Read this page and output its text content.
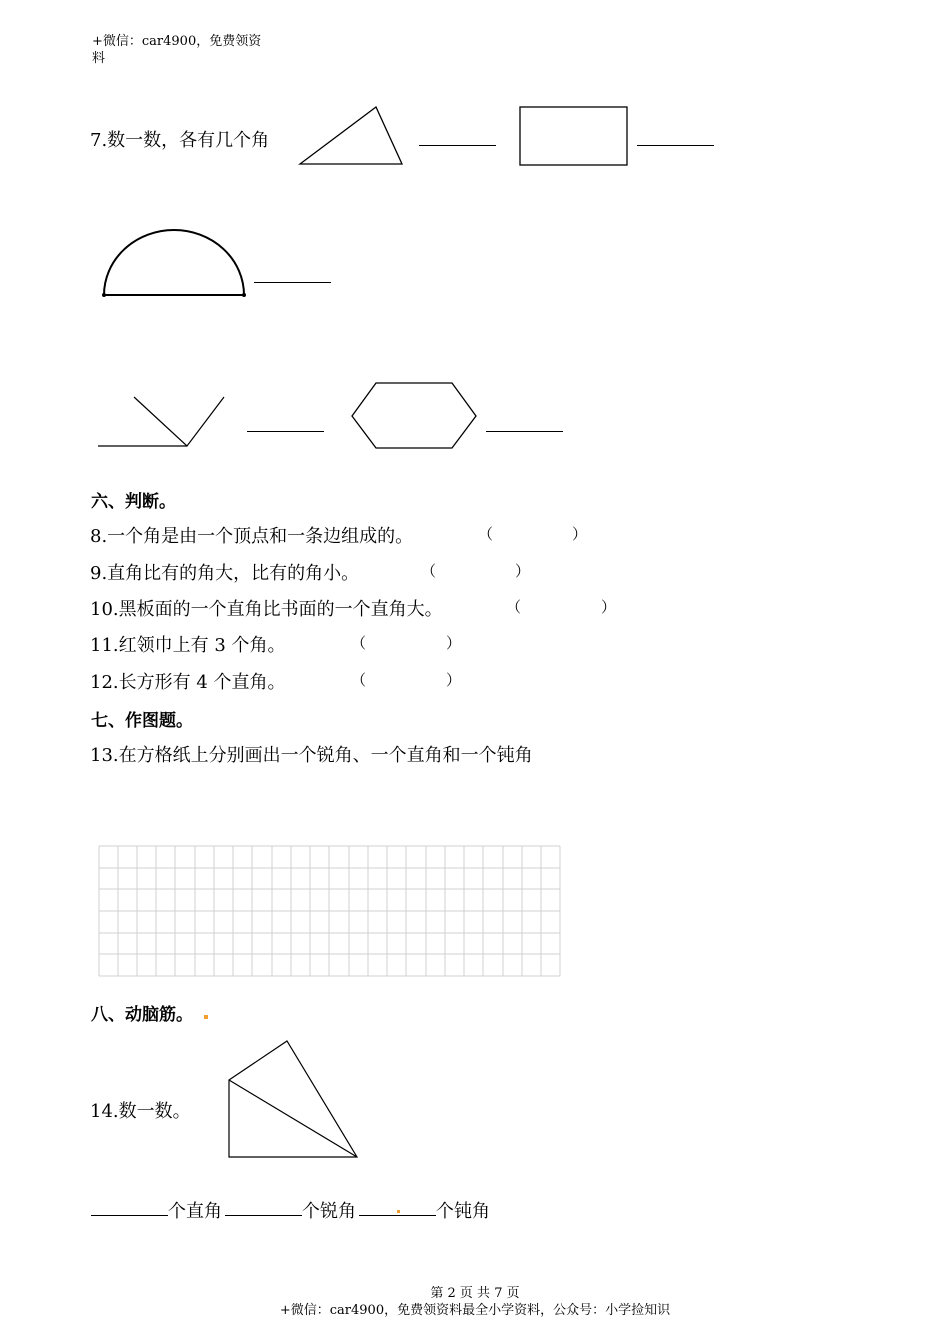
+微信：car4900，免费领资
料
7.数一数，各有几个角
六、判断。
8.一个角是由一个顶点和一条边组成的。	（	）
9.直角比有的角大，比有的角小。	（	）
10.黑板面的一个直角比书面的一个直角大。	（	）
11.红领巾上有 3 个角。	（	）
12.长方形有 4 个直角。	（	）
七、作图题。
13.在方格纸上分别画出一个锐角、一个直角和一个钝角
八、动脑筋。
14.数一数。
个直角	个锐角	个钝角
第 2 页 共 7 页
+微信：car4900，免费领资料最全小学资料，公众号：小学捡知识
